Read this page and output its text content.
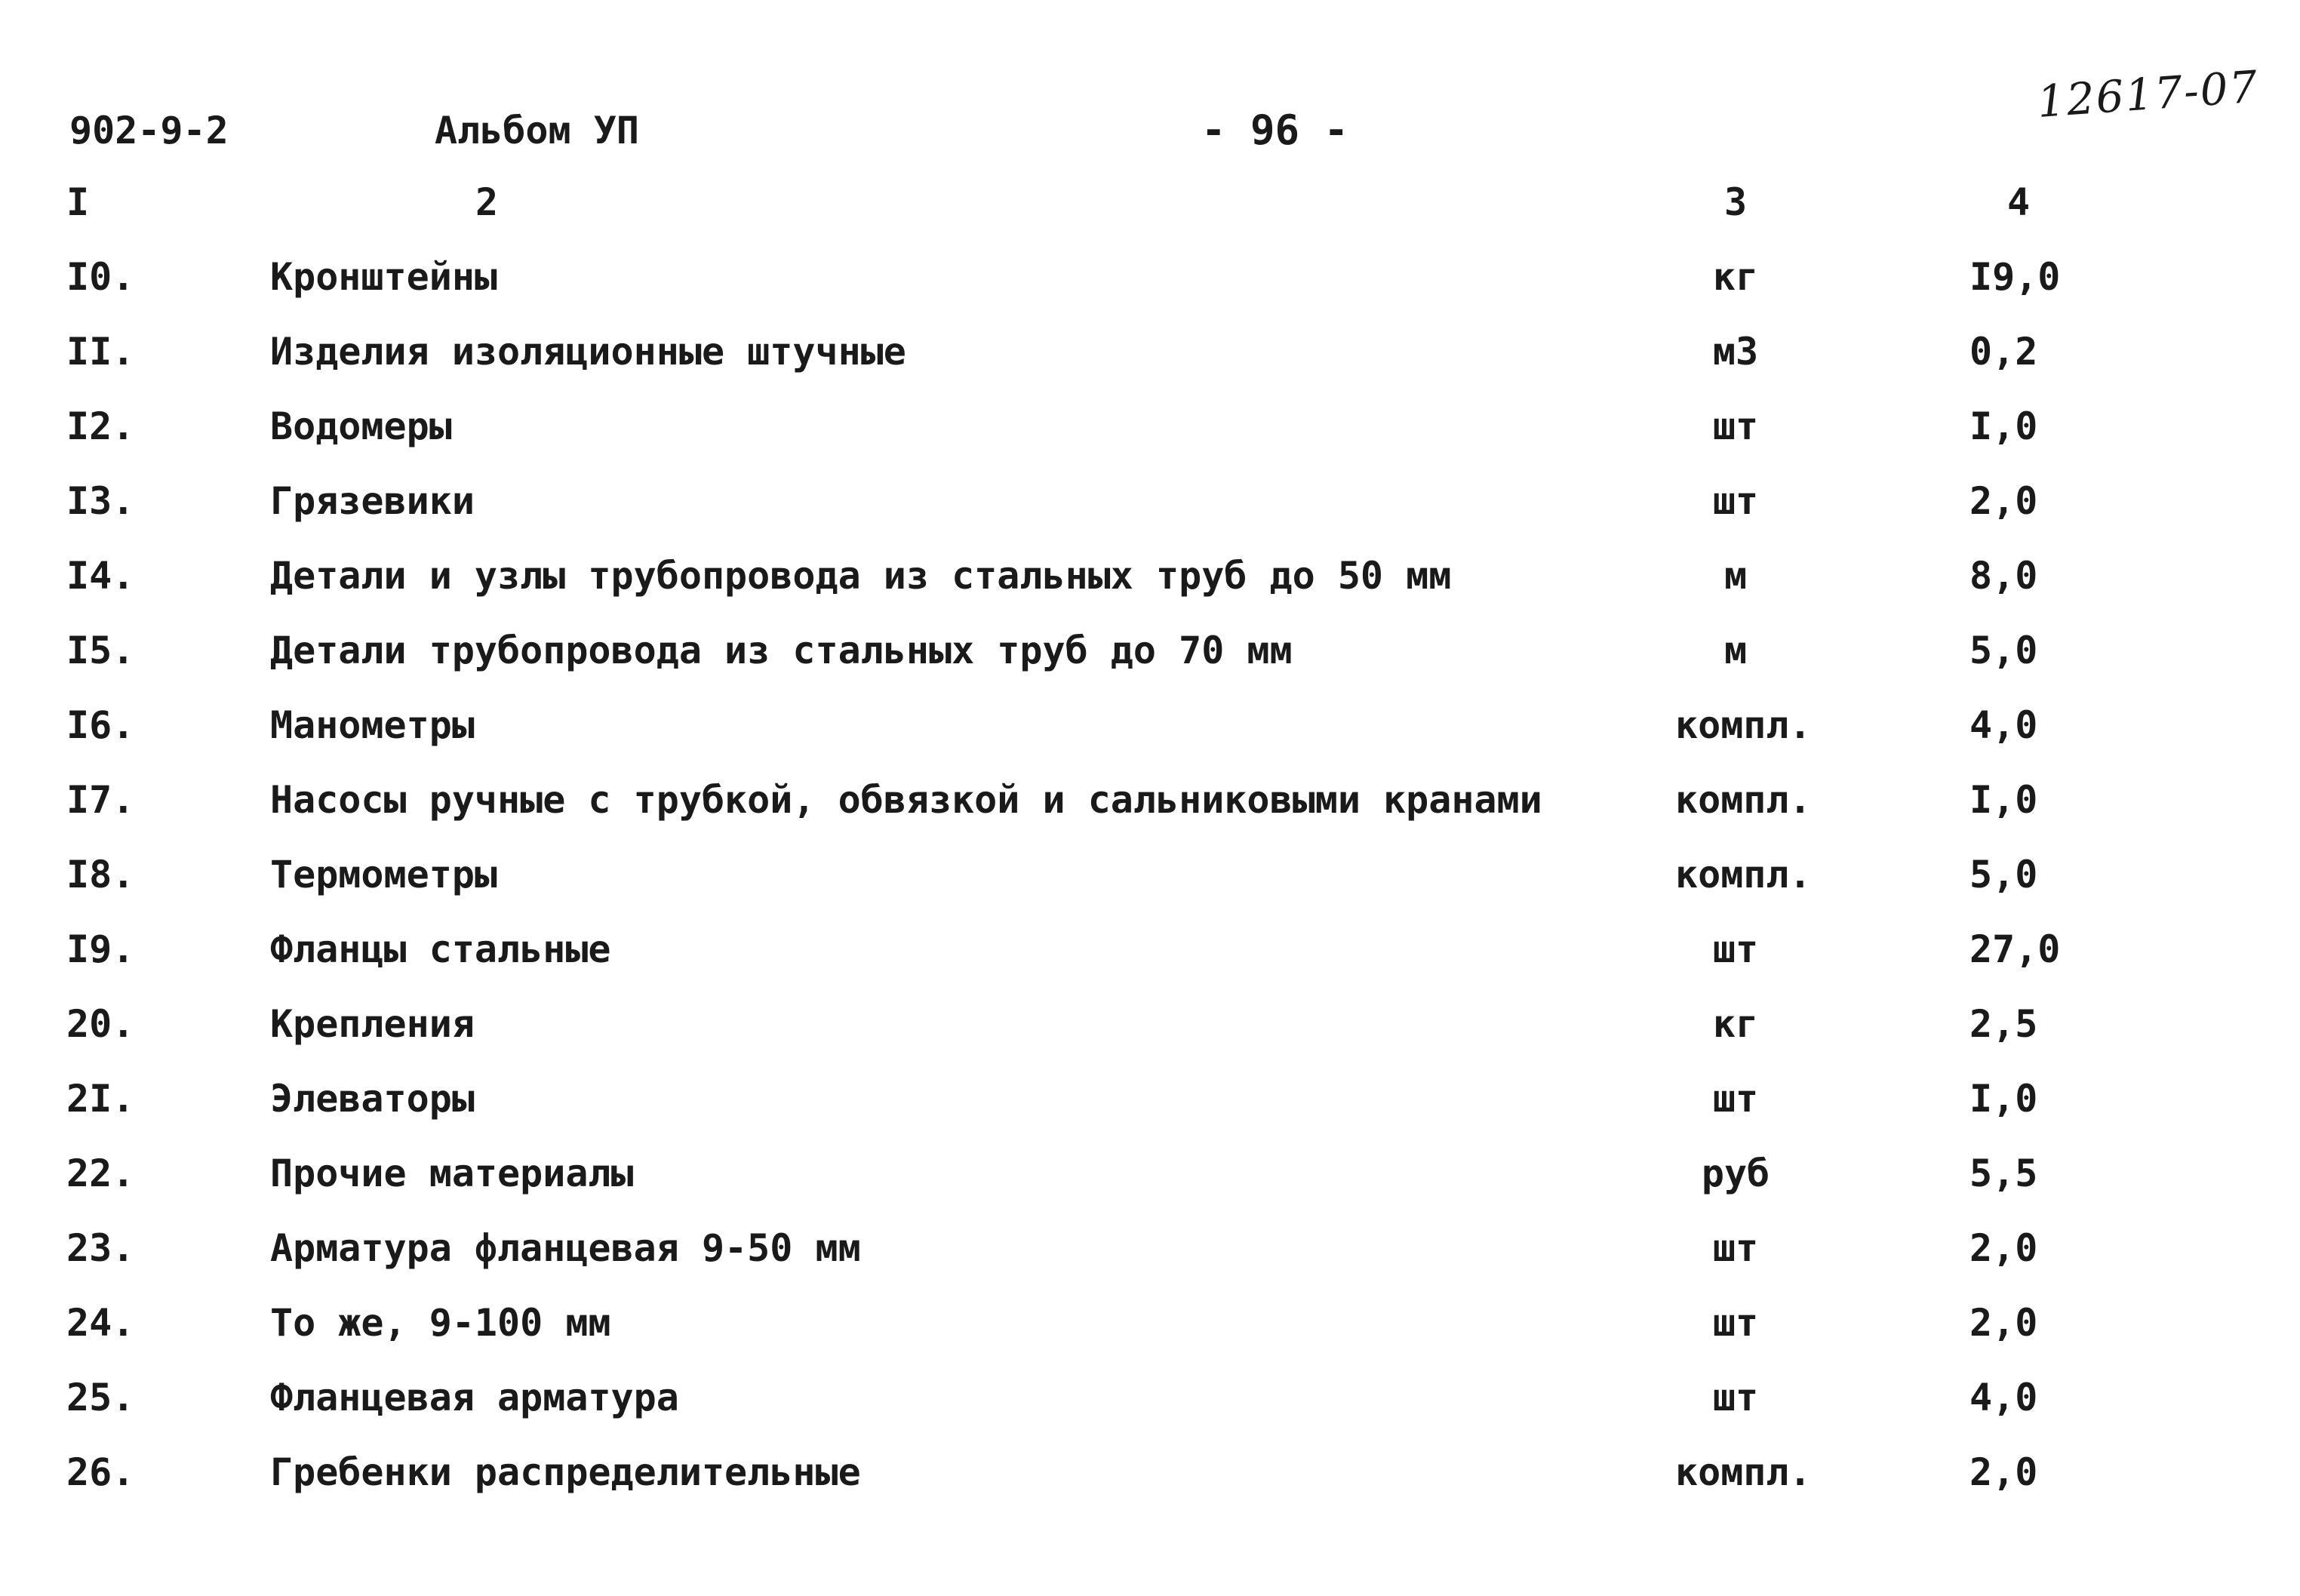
902-9-2	Альбом УП	- 96 -
12617-07
I	2	3	4
I0.	Кронштейны	кг	I9,0
II.	Изделия изоляционные штучные	м3	0,2
I2.	Водомеры	шт	I,0
I3.	Грязевики	шт	2,0
I4.	Детали и узлы трубопровода из стальных труб до 50 мм	м	8,0
I5.	Детали трубопровода из стальных труб до 70 мм	м	5,0
I6.	Манометры	компл.	4,0
I7.	Насосы ручные с трубкой, обвязкой и сальниковыми кранами	компл.	I,0
I8.	Термометры	компл.	5,0
I9.	Фланцы стальные	шт	27,0
20.	Крепления	кг	2,5
2I.	Элеваторы	шт	I,0
22.	Прочие материалы	руб	5,5
23.	Арматура фланцевая 9-50 мм	шт	2,0
24.	То же, 9-100 мм	шт	2,0
25.	Фланцевая арматура	шт	4,0
26.	Гребенки распределительные	компл.	2,0
